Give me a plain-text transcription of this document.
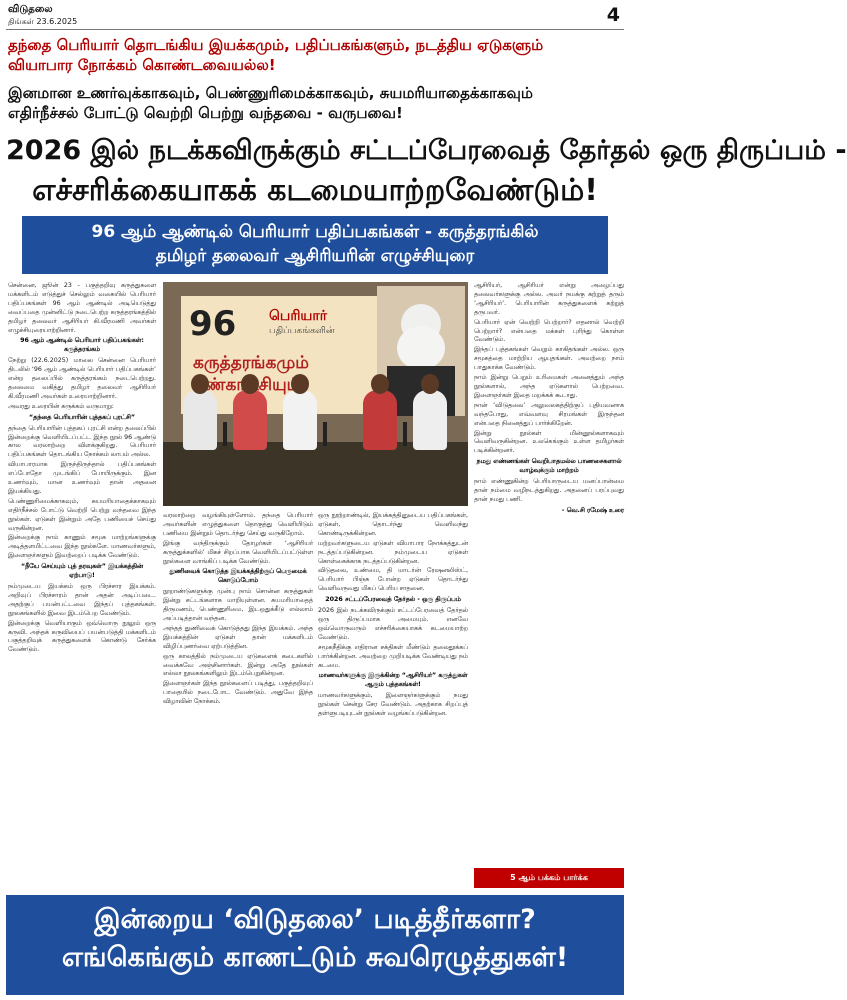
விடுதலை
திங்கள் 23.6.2025	4
தந்தை பெரியார் தொடங்கிய இயக்கமும், பதிப்பகங்களும், நடத்திய ஏடுகளும்
வியாபார நோக்கம் கொண்டவையல்ல!
இனமான உணர்வுக்காகவும், பெண்ணுரிமைக்காகவும், சுயமரியாதைக்காகவும்
எதிர்நீச்சல் போட்டு வெற்றி பெற்று வந்தவை - வருபவை!
2026 இல் நடக்கவிருக்கும் சட்டப்பேரவைத் தேர்தல் ஒரு திருப்பம் -
எச்சரிக்கையாகக் கடமையாற்றவேண்டும்!
96 ஆம் ஆண்டில் பெரியார் பதிப்பகங்கள் - கருத்தரங்கில்
தமிழர் தலைவர் ஆசிரியரின் எழுச்சியுரை

சென்னை, ஜூன் 23 - பகுத்தறிவு கருத்துகளை மக்களிடம் எடுத்துச் செல்லும் வகையில் பெரியார் பதிப்பகங்கள் 96 ஆம் ஆண்டில் அடியெடுத்து வைப்பதை முன்னிட்டு நடைபெற்ற கருத்தரங்கத்தில் தமிழர் தலைவர் ஆசிரியர் கி.வீரமணி அவர்கள் எழுச்சியுரையாற்றினார்.

96 ஆம் ஆண்டில் பெரியார் பதிப்பகங்கள்: கருத்தரங்கம்

நேற்று (22.6.2025) மாலை சென்னை பெரியார் திடலில் ‘96 ஆம் ஆண்டில் பெரியார் பதிப்பகங்கள்’ என்ற தலைப்பில் கருத்தரங்கம் நடைபெற்றது. தலைமை வகித்து தமிழர் தலைவர் ஆசிரியர் கி.வீரமணி அவர்கள் உரையாற்றினார்.

அவரது உரையின் சுருக்கம் வருமாறு:

“தந்தை பெரியாரின் புத்தகப் புரட்சி”

தந்தை பெரியாரின் புத்தகப் புரட்சி என்ற தலைப்பில் இன்றைக்கு வெளியிடப்பட்ட இந்த நூல் 96 ஆண்டு கால வரலாற்றை விளக்குகிறது. பெரியார் பதிப்பகங்கள் தொடங்கிய நோக்கம் லாபம் அல்ல.

வியாபாரமாக இருந்திருந்தால் பதிப்பகங்கள் எப்போதோ முடங்கிப் போயிருக்கும். இன உணர்வும், மான உணர்வும் தான் அதனை இயக்கியது.

பெண்ணுரிமைக்காகவும், சுயமரியாதைக்காகவும் எதிர்நீச்சல் போட்டு வெற்றி பெற்று வந்தவை இந்த நூல்கள். ஏடுகள் இன்றும் அதே பணியைச் செய்து வருகின்றன.

இன்றைக்கு நாம் காணும் சமூக மாற்றங்களுக்கு அடித்தளமிட்டவை இந்த நூல்களே. மாணவர்களும், இளைஞர்களும் இவற்றைப் படிக்க வேண்டும்.

“நீயே செய்யும் புத் தரவுகள்” இயக்கத்தின் ஏற்பாடு!

நம்முடைய இயக்கம் ஒரு பிரச்சார இயக்கம். அறிவுப் பிரச்சாரம் தான் அதன் அடிப்படை. அதற்குப் பயன்பட்டவை இந்தப் புத்தகங்கள். நூலகங்களில் இவை இடம்பெற வேண்டும்.

இன்றைக்கு வெளியாகும் ஒவ்வொரு நூலும் ஒரு கருவி. அந்தக் கருவியைப் பயன்படுத்தி மக்களிடம் பகுத்தறிவுக் கருத்துகளைக் கொண்டு சேர்க்க வேண்டும்.

96 பெரியார்
பதிப்பகங்களின்
கருத்தரங்கமும்

வரலாற்றை வழங்கியுள்ளோம். தந்தை பெரியார் அவர்களின் எழுத்துகளை தொகுத்து வெளியிடும் பணியை இன்றும் தொடர்ந்து செய்து வருகிறோம்.

இங்கு வந்திருக்கும் தோழர்கள் ‘ஆசிரியர் கருத்துக்களில்’ மிகச் சிறப்பாக வெளியிடப்பட்டுள்ள நூல்களை வாங்கிப் படிக்க வேண்டும்.

துணிவைக் கொடுத்த இயக்கத்திற்குப் பெருமைக் கொடுப்போம்

நூறாண்டுகளுக்கு முன்பு நாம் சொன்ன கருத்துகள் இன்று சட்டங்களாக மாறியுள்ளன. சுயமரியாதைத் திருமணம், பெண்ணுரிமை, இடஒதுக்கீடு எல்லாம் அப்படித்தான் வந்தன.

அந்தத் துணிவைக் கொடுத்தது இந்த இயக்கம். அந்த இயக்கத்தின் ஏடுகள் தான் மக்களிடம் விழிப்புணர்வை ஏற்படுத்தின.

ஒரு காலத்தில் நம்முடைய ஏடுகளைக் கடைகளில் வைக்கவே அஞ்சினார்கள். இன்று அதே நூல்கள் எல்லா நூலகங்களிலும் இடம்பெறுகின்றன.

இளைஞர்கள் இந்த நூல்களைப் படித்து, பகுத்தறிவுப் பாதையில் நடைபோட வேண்டும். அதுவே இந்த விழாவின் நோக்கம்.

ஒரு நூற்றாண்டில், இயக்கத்தினுடைய பதிப்பகங்கள், ஏடுகள், தொடர்ந்து வெளிவந்து கொண்டிருக்கின்றன.

மற்றவர்களுடைய ஏடுகள் வியாபார நோக்கத்துடன் நடத்தப்படுகின்றன. நம்முடைய ஏடுகள் கொள்கைக்காக நடத்தப்படுகின்றன.

விடுதலை, உண்மை, தி மாடர்ன் ரேஷனலிஸ்ட், பெரியார் பிஞ்சு போன்ற ஏடுகள் தொடர்ந்து வெளிவருவது மிகப் பெரிய சாதனை.

2026 சட்டப்பேரவைத் தேர்தல் - ஒரு திருப்பம்

2026 இல் நடக்கவிருக்கும் சட்டப்பேரவைத் தேர்தல் ஒரு திருப்பமாக அமையும். எனவே ஒவ்வொருவரும் எச்சரிக்கையாகக் கடமையாற்ற வேண்டும்.

சமூகநீதிக்கு எதிரான சக்திகள் மீண்டும் தலைதூக்கப் பார்க்கின்றன. அவற்றை முறியடிக்க வேண்டியது நம் கடமை.

மாணவர்களுக்கு இருக்கின்ற “ஆசிரியர்” கருத்துகள் ஆகும் புத்தகங்கள்!

மாணவர்களுக்கும், இளைஞர்களுக்கும் நமது நூல்கள் சென்று சேர வேண்டும். அதற்காக சிறப்புத் தள்ளுபடியுடன் நூல்கள் வழங்கப்படுகின்றன.

ஆசிரியர், ஆசிரியர் என்று அழைப்பது தலைவர்களுக்கு அல்ல. அவர் நமக்கு கற்றுத் தரும் ‘ஆசிரியர்’. பெரியாரின் கருத்துகளைக் கற்றுத் தருபவர்.

பெரியார் ஏன் வெற்றி பெற்றார்? எதனால் வெற்றி பெற்றார்? என்பதை மக்கள் புரிந்து கொள்ள வேண்டும்.

இந்தப் புத்தகங்கள் வெறும் காகிதங்கள் அல்ல. ஒரு சமூகத்தை மாற்றிய ஆயுதங்கள். அவற்றை நாம் பாதுகாக்க வேண்டும்.

நாம் இன்று பெறும் உரிமைகள் அனைத்தும் அந்த நூல்களால், அந்த ஏடுகளால் பெற்றவை. இளைஞர்கள் இதை மறக்கக் கூடாது.

நான் ‘விடுதலை’ அலுவலகத்திற்குப் புதியவனாக வந்தபோது, எவ்வளவு சிரமங்கள் இருந்தன என்பதை நினைத்துப் பார்க்கிறேன்.

இன்று நூல்கள் மின்னூல்களாகவும் வெளிவருகின்றன. உலகெங்கும் உள்ள தமிழர்கள் படிக்கின்றனர்.

நமது எண்ணங்கள் வெறிபாதமல்ல பாணசைகளால் வாழ்வுக்கும் மாற்றம்

நாம் எண்ணுகின்ற பெரியாருடைய மனப்பான்மை தான் நம்மை வழிநடத்துகிறது. அதனைப் பரப்புவது தான் நமது பணி.

- வெ.சி ரமேஷ் உரை

5 ஆம் பக்கம் பார்க்க
இன்றைய ‘விடுதலை’ படித்தீர்களா?
எங்கெங்கும் காணட்டும் சுவரெழுத்துகள்!
